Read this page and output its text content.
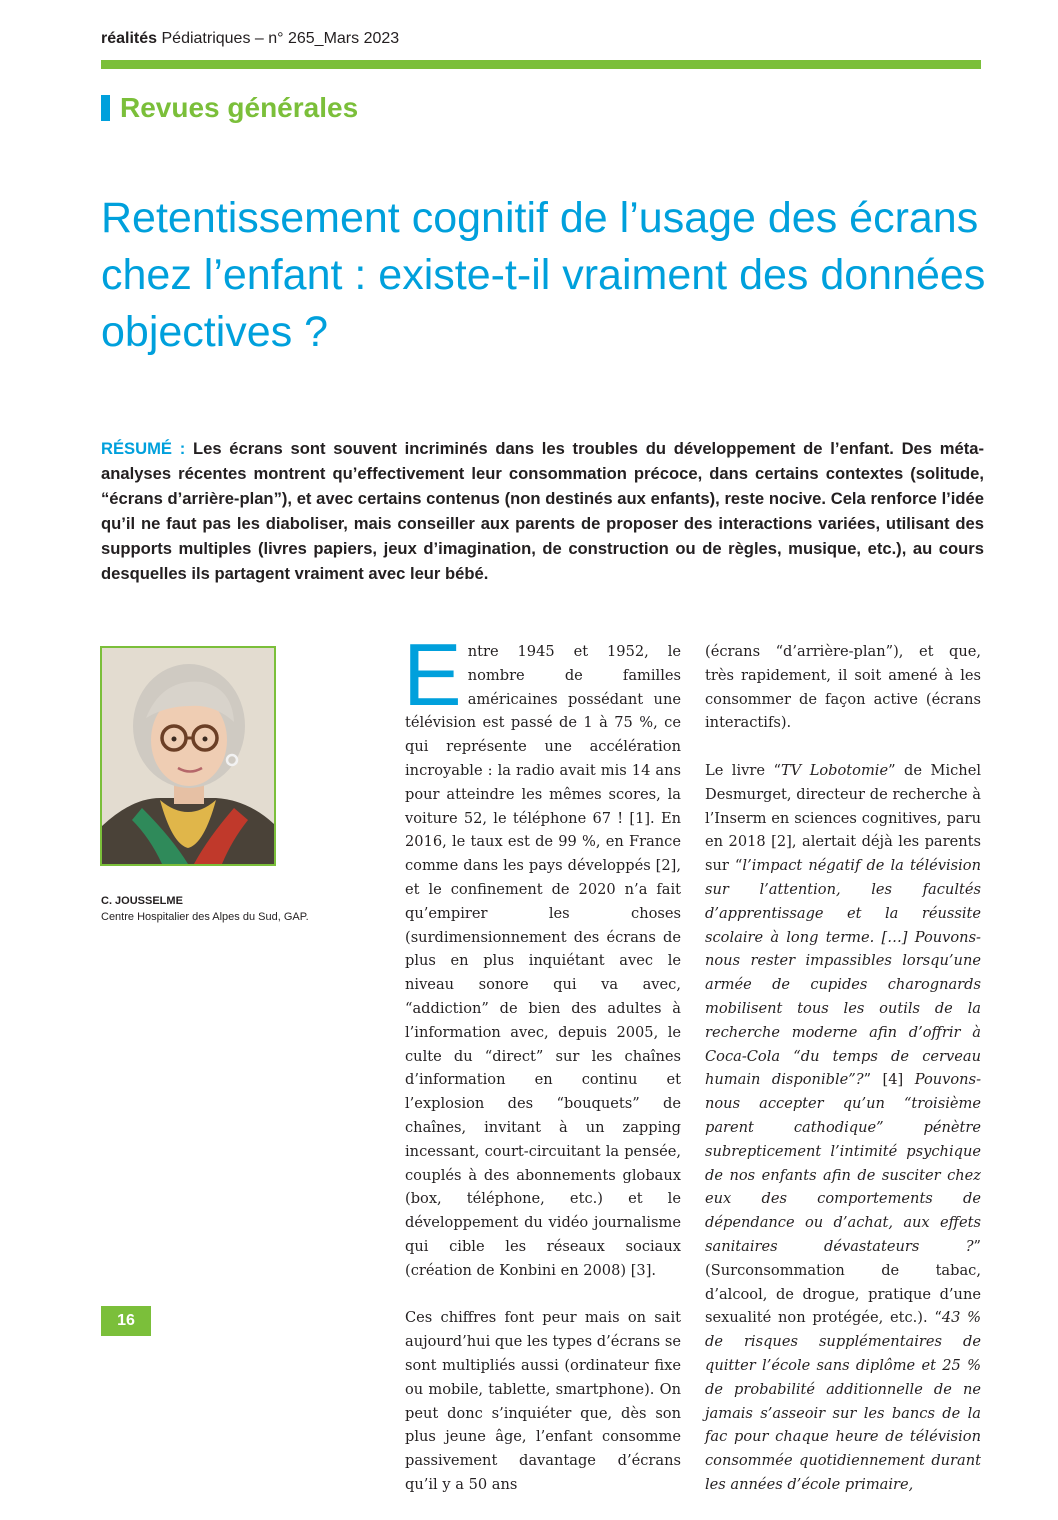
réalités Pédiatriques – n° 265_Mars 2023
Revues générales
Retentissement cognitif de l’usage des écrans chez l’enfant : existe-t-il vraiment des données objectives ?

RÉSUMÉ : Les écrans sont souvent incriminés dans les troubles du développement de l’enfant. Des méta-analyses récentes montrent qu’effectivement leur consommation précoce, dans certains contextes (solitude, “écrans d’arrière-plan”), et avec certains contenus (non destinés aux enfants), reste nocive. Cela renforce l’idée qu’il ne faut pas les diaboliser, mais conseiller aux parents de proposer des interactions variées, utilisant des supports multiples (livres papiers, jeux d’imagination, de construction ou de règles, musique, etc.), au cours desquelles ils partagent vraiment avec leur bébé.

C. JOUSSELME
Centre Hospitalier des Alpes du Sud, GAP.

Entre 1945 et 1952, le nombre de familles américaines possédant une télévision est passé de 1 à 75 %, ce qui représente une accélération incroyable : la radio avait mis 14 ans pour atteindre les mêmes scores, la voiture 52, le téléphone 67 ! [1]. En 2016, le taux est de 99 %, en France comme dans les pays développés [2], et le confinement de 2020 n’a fait qu’empirer les choses (surdimensionnement des écrans de plus en plus inquiétant avec le niveau sonore qui va avec, “addiction” de bien des adultes à l’information avec, depuis 2005, le culte du “direct” sur les chaînes d’information en continu et l’explosion des “bouquets” de chaînes, invitant à un zapping incessant, court-circuitant la pensée, couplés à des abonnements globaux (box, téléphone, etc.) et le développement du vidéo journalisme qui cible les réseaux sociaux (création de Konbini en 2008) [3].

Ces chiffres font peur mais on sait aujourd’hui que les types d’écrans se sont multipliés aussi (ordinateur fixe ou mobile, tablette, smartphone). On peut donc s’inquiéter que, dès son plus jeune âge, l’enfant consomme passivement davantage d’écrans qu’il y a 50 ans

(écrans “d’arrière-plan”), et que, très rapidement, il soit amené à les consommer de façon active (écrans interactifs).

Le livre “TV Lobotomie” de Michel Desmurget, directeur de recherche à l’Inserm en sciences cognitives, paru en 2018 [2], alertait déjà les parents sur “l’impact négatif de la télévision sur l’attention, les facultés d’apprentissage et la réussite scolaire à long terme. […] Pouvons-nous rester impassibles lorsqu’une armée de cupides charognards mobilisent tous les outils de la recherche moderne afin d’offrir à Coca-Cola “du temps de cerveau humain disponible”?” [4] Pouvons-nous accepter qu’un “troisième parent cathodique” pénètre subrepticement l’intimité psychique de nos enfants afin de susciter chez eux des comportements de dépendance ou d’achat, aux effets sanitaires dévastateurs ?” (Surconsommation de tabac, d’alcool, de drogue, pratique d’une sexualité non protégée, etc.). “43 % de risques supplémentaires de quitter l’école sans diplôme et 25 % de probabilité additionnelle de ne jamais s’asseoir sur les bancs de la fac pour chaque heure de télévision consommée quotidiennement durant les années d’école primaire,

16
